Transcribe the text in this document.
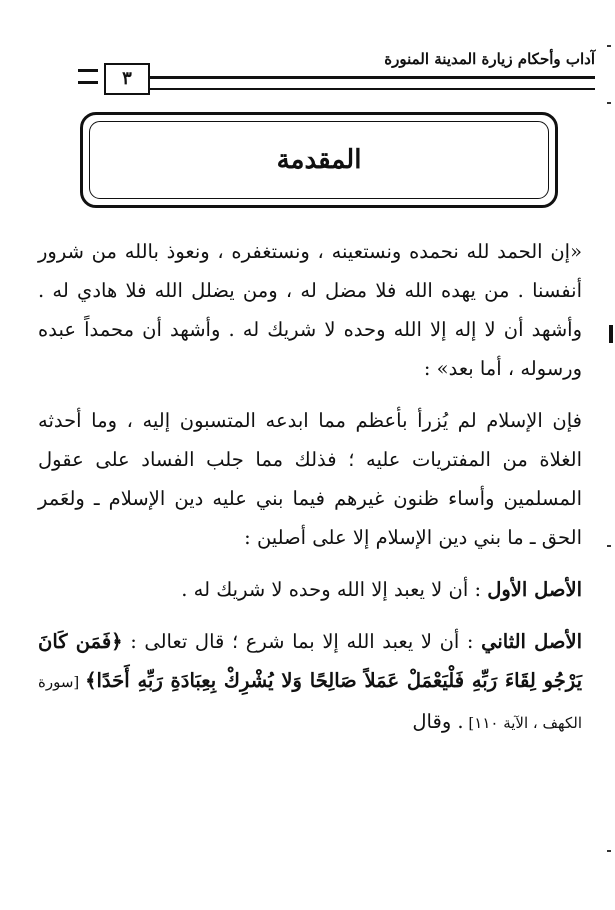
آداب وأحكام زيارة المدينة المنورة
٣
المقدمة

«إن الحمد لله نحمده ونستعينه ، ونستغفره ، ونعوذ بالله من شرور أنفسنا . من يهده الله فلا مضل له ، ومن يضلل الله فلا هادي له . وأشهد أن لا إله إلا الله وحده لا شريك له . وأشهد أن محمداً عبده ورسوله ، أما بعد» :

فإن الإسلام لم يُزرأ بأعظم مما ابدعه المتسبون إليه ، وما أحدثه الغلاة من المفتريات عليه ؛ فذلك مما جلب الفساد على عقول المسلمين وأساء ظنون غيرهم فيما بني عليه دين الإسلام ـ ولعَمر الحق ـ ما بني دين الإسلام إلا على أصلين :

الأصل الأول : أن لا يعبد إلا الله وحده لا شريك له .

الأصل الثاني : أن لا يعبد الله إلا بما شرع ؛ قال تعالى : ﴿فَمَن كَانَ يَرْجُو لِقَاءَ رَبِّهِ فَلْيَعْمَلْ عَمَلاً صَالِحًا وَلا يُشْرِكْ بِعِبَادَةِ رَبِّهِ أَحَدًا﴾ [سورة الكهف ، الآية ١١٠] . وقال
